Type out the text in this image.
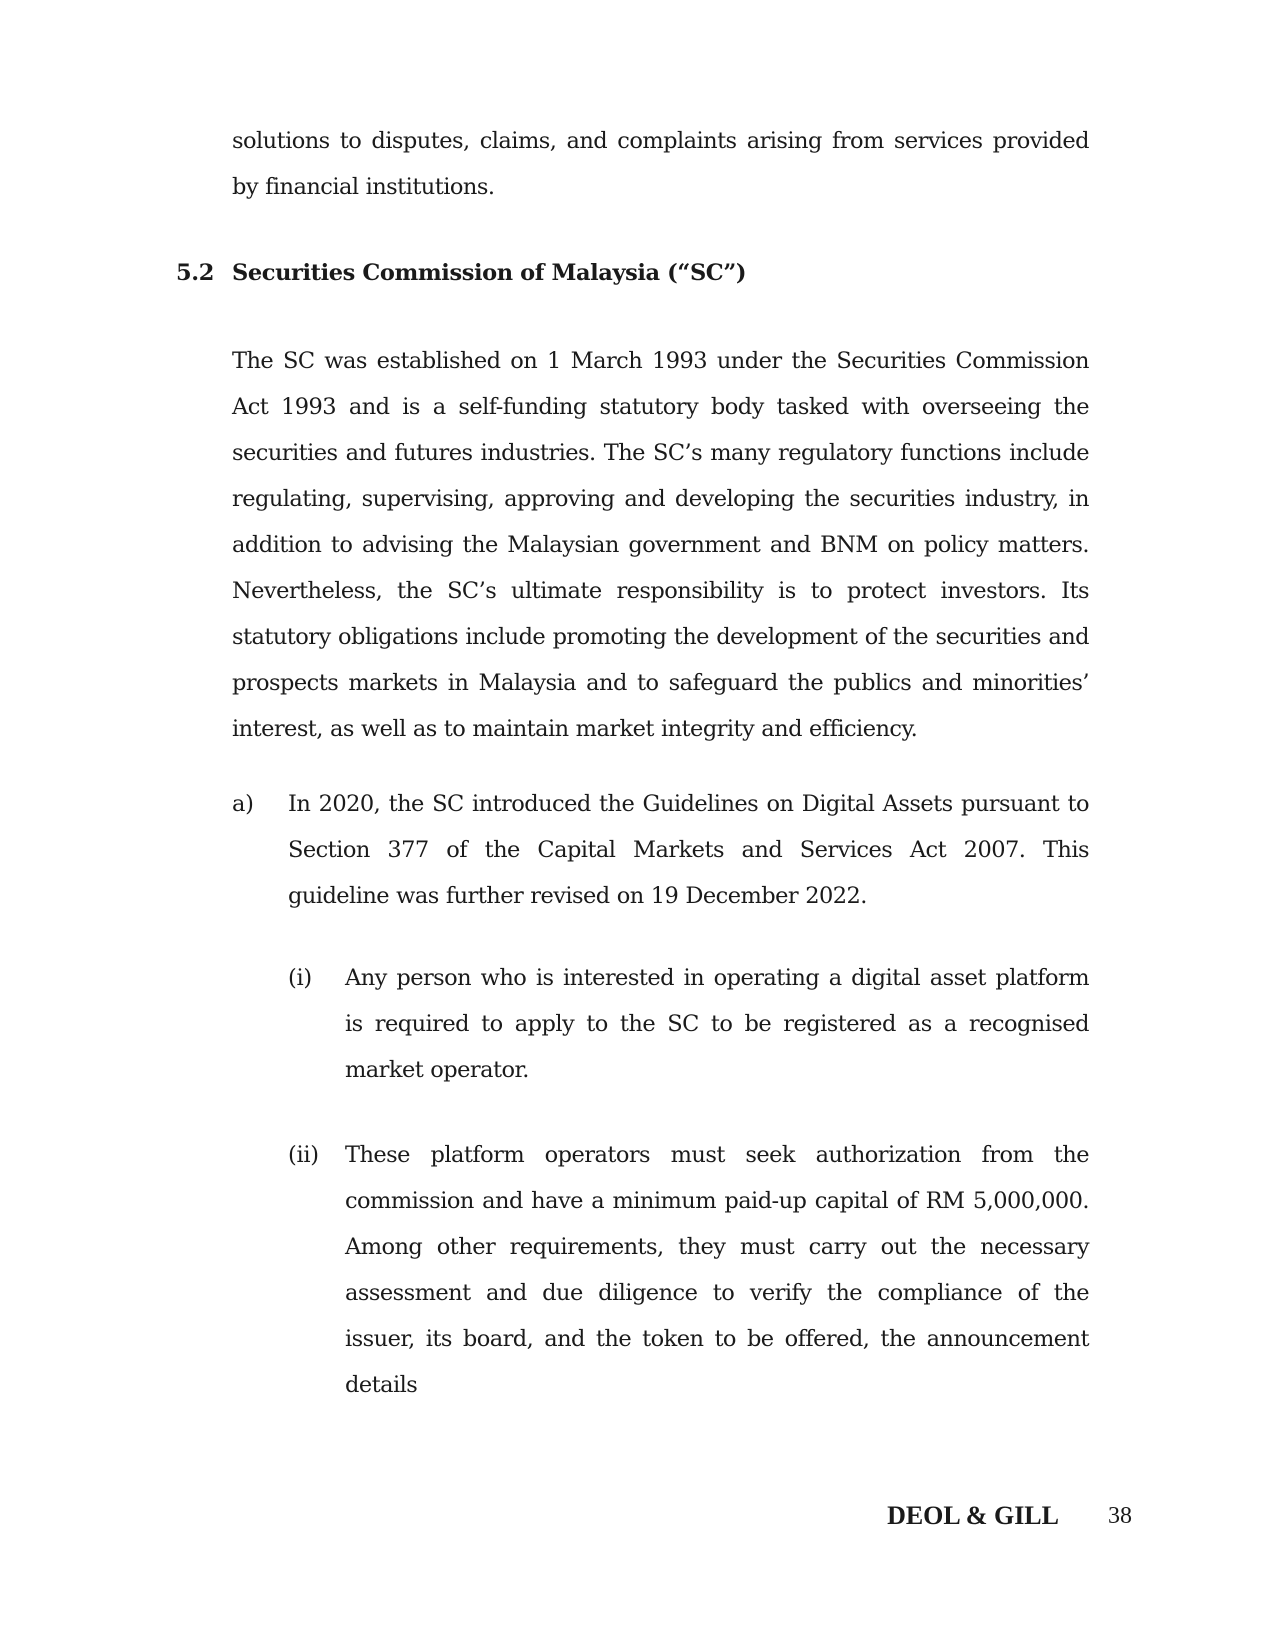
solutions to disputes, claims, and complaints arising from services provided by financial institutions.

5.2 Securities Commission of Malaysia (“SC”)

The SC was established on 1 March 1993 under the Securities Commission Act 1993 and is a self-funding statutory body tasked with overseeing the securities and futures industries. The SC’s many regulatory functions include regulating, supervising, approving and developing the securities industry, in addition to advising the Malaysian government and BNM on policy matters. Nevertheless, the SC’s ultimate responsibility is to protect investors. Its statutory obligations include promoting the development of the securities and prospects markets in Malaysia and to safeguard the publics and minorities’ interest, as well as to maintain market integrity and efficiency.

a) In 2020, the SC introduced the Guidelines on Digital Assets pursuant to Section 377 of the Capital Markets and Services Act 2007. This guideline was further revised on 19 December 2022.

(i) Any person who is interested in operating a digital asset platform is required to apply to the SC to be registered as a recognised market operator.

(ii) These platform operators must seek authorization from the commission and have a minimum paid-up capital of RM 5,000,000. Among other requirements, they must carry out the necessary assessment and due diligence to verify the compliance of the issuer, its board, and the token to be offered, the announcement details

DEOL & GILL 38
